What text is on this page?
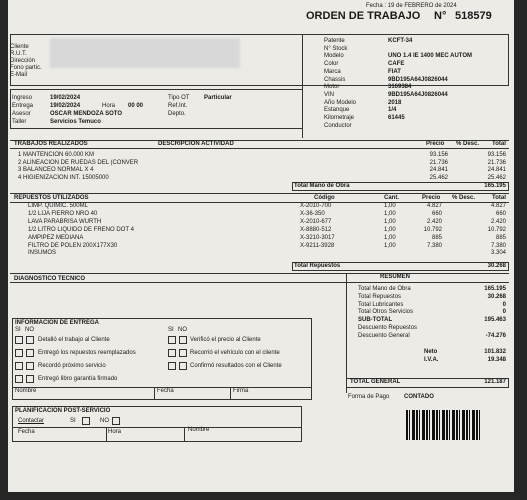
Fecha : 19 de FEBRERO de 2024
ORDEN DE TRABAJO N° 518579
Ingreso	19/02/2024
Entrega	19/02/2024	Hora 00 00
Asesor	OSCAR MENDOZA SOTO
Taller	Servicios Temuco
Tipo OT Particular
Ref.Int.
Depto.
TRABAJOS REALIZADOS	DESCRIPCION ACTIVIDAD	Precio % Desc. Total
Total Mano de Obra	165.195
REPUESTOS UTILIZADOS	Código	Cant.	Precio % Desc.	Total
Total Repuestos	30.268
DIAGNOSTICO TECNICO	RESUMEN
Neto	101.832
I.V.A.	19.348
TOTAL GENERAL	121.187
Forma de Pago CONTADO
INFORMACION DE ENTREGA
SI NO	SI NO
Nombre	Fecha	Firma
PLANIFICACION POST-SERVICIO
Contactar	SI	NO
Fecha	Hora	Nombre
Cliente
R.U.T.
Dirección
Fono partic.
E-Mail
Patente	KCFT-34
N° Stock
Modelo	UNO 1.4 IE 1400 MEC AUTOM
Color	CAFE
Marca	FIAT
Chassis	9BD195A64J0826044
Motor	3169384
VIN	9BD195A64J0826044
Año Modelo	2018
Estanque	1/4
Kilometraje	61445
Conductor
1 MANTENCION 60.000 KM	93.156	93.156
2 ALINEACION DE RUEDAS DEL (CONVER	21.736	21.736
3 BALANCEO NORMAL X 4	24.841	24.841
4 HIGIENIZACION INT. 15005000	25.462	25.462
LIMP. QUIMIC. 500ML	X-2010-700	1,00	4.827	4.827
1/2 LIJA FIERRO NRO 40	X-36-350	1,00	660	660
LAVA PARABRISA WURTH	X-2010-677	1,00	2.420	2.420
1/2 LITRO LIQUIDO DE FRENO DOT 4	X-8880-512	1,00	10.792	10.792
AMPIPEZ MEDIANA	X-3210-3017	1,00	885	885
FILTRO DE POLEN 200X177X30	X-9211-3928	1,00	7.380	7.380
INSUMOS	3.304
Total Mano de Obra	165.195
Total Repuestos	30.268
Total Lubricantes	0
Total Otros Servicios	0
SUB-TOTAL	195.463
Descuento Repuestos
Descuento General	-74.276
Detalló el trabajo al Cliente
Entregó los repuestos reemplazados
Recordó próximo servicio
Entregó libro garantía firmado
Verificó el precio al Cliente
Recorrió el vehículo con el cliente
Confirmó resultados con el Cliente
